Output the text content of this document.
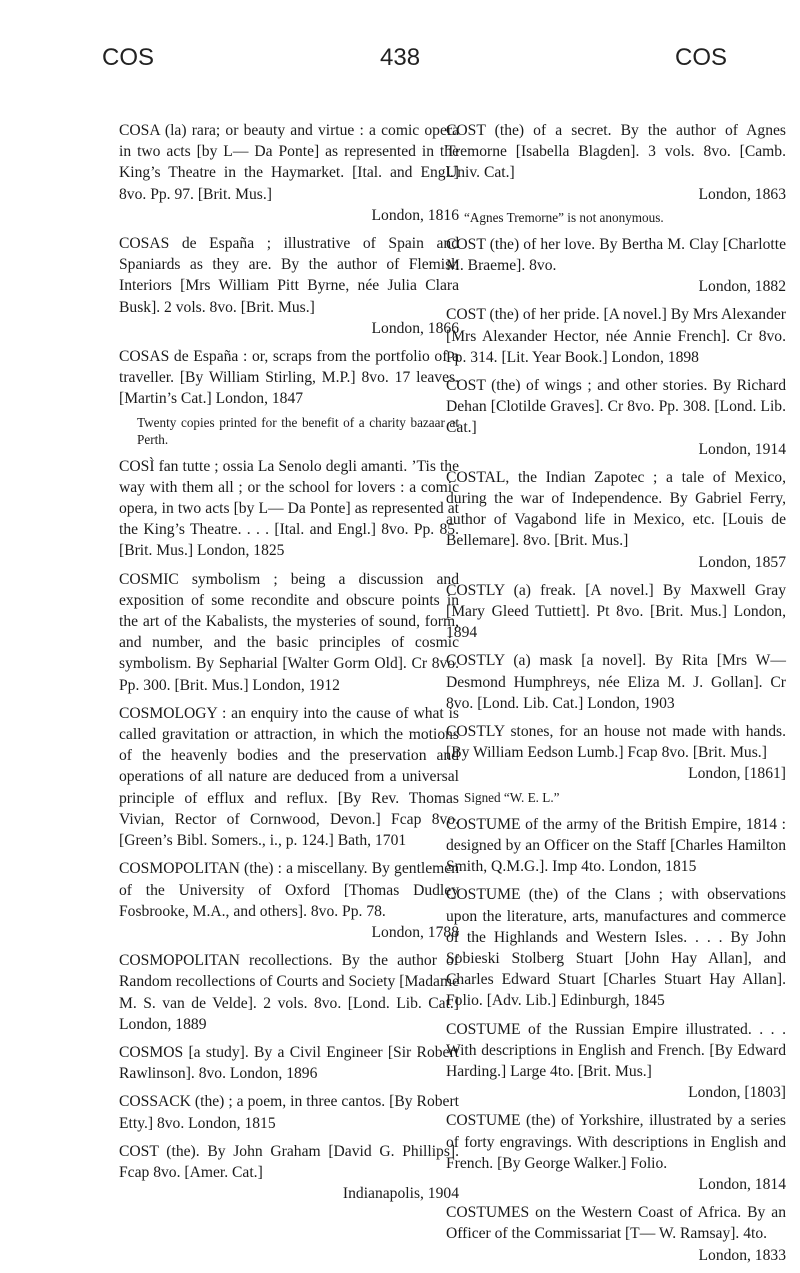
COS	438	COS
COSA (la) rara; or beauty and virtue : a comic opera in two acts [by L— Da Ponte] as represented in the King’s Theatre in the Haymarket. [Ital. and Engl.] 8vo. Pp. 97. [Brit. Mus.]
London, 1816
COSAS de España ; illustrative of Spain and Spaniards as they are. By the author of Flemish Interiors [Mrs William Pitt Byrne, née Julia Clara Busk]. 2 vols. 8vo. [Brit. Mus.]
London, 1866
COSAS de España : or, scraps from the portfolio of a traveller. [By William Stirling, M.P.] 8vo. 17 leaves. [Martin’s Cat.] London, 1847
Twenty copies printed for the benefit of a charity bazaar at Perth.
COSÌ fan tutte ; ossia La Senolo degli amanti. ’Tis the way with them all ; or the school for lovers : a comic opera, in two acts [by L— Da Ponte] as represented at the King’s Theatre. . . . [Ital. and Engl.] 8vo. Pp. 85. [Brit. Mus.] London, 1825
COSMIC symbolism ; being a discussion and exposition of some recondite and obscure points in the art of the Kabalists, the mysteries of sound, form, and number, and the basic principles of cosmic symbolism. By Sepharial [Walter Gorm Old]. Cr 8vo. Pp. 300. [Brit. Mus.] London, 1912
COSMOLOGY : an enquiry into the cause of what is called gravitation or attraction, in which the motions of the heavenly bodies and the preservation and operations of all nature are deduced from a universal principle of efflux and reflux. [By Rev. Thomas Vivian, Rector of Cornwood, Devon.] Fcap 8vo. [Green’s Bibl. Somers., i., p. 124.] Bath, 1701
COSMOPOLITAN (the) : a miscellany. By gentlemen of the University of Oxford [Thomas Dudley Fosbrooke, M.A., and others]. 8vo. Pp. 78.
London, 1788
COSMOPOLITAN recollections. By the author of Random recollections of Courts and Society [Madame M. S. van de Velde]. 2 vols. 8vo. [Lond. Lib. Cat.] London, 1889
COSMOS [a study]. By a Civil Engineer [Sir Robert Rawlinson]. 8vo. London, 1896
COSSACK (the) ; a poem, in three cantos. [By Robert Etty.] 8vo. London, 1815
COST (the). By John Graham [David G. Phillips]. Fcap 8vo. [Amer. Cat.]
Indianapolis, 1904
COST (the) of a secret. By the author of Agnes Tremorne [Isabella Blagden]. 3 vols. 8vo. [Camb. Univ. Cat.]
London, 1863
“Agnes Tremorne” is not anonymous.
COST (the) of her love. By Bertha M. Clay [Charlotte M. Braeme]. 8vo.
London, 1882
COST (the) of her pride. [A novel.] By Mrs Alexander [Mrs Alexander Hector, née Annie French]. Cr 8vo. Pp. 314. [Lit. Year Book.] London, 1898
COST (the) of wings ; and other stories. By Richard Dehan [Clotilde Graves]. Cr 8vo. Pp. 308. [Lond. Lib. Cat.]
London, 1914
COSTAL, the Indian Zapotec ; a tale of Mexico, during the war of Independence. By Gabriel Ferry, author of Vagabond life in Mexico, etc. [Louis de Bellemare]. 8vo. [Brit. Mus.]
London, 1857
COSTLY (a) freak. [A novel.] By Maxwell Gray [Mary Gleed Tuttiett]. Pt 8vo. [Brit. Mus.] London, 1894
COSTLY (a) mask [a novel]. By Rita [Mrs W— Desmond Humphreys, née Eliza M. J. Gollan]. Cr 8vo. [Lond. Lib. Cat.] London, 1903
COSTLY stones, for an house not made with hands. [By William Eedson Lumb.] Fcap 8vo. [Brit. Mus.]
London, [1861]
Signed “W. E. L.”
COSTUME of the army of the British Empire, 1814 : designed by an Officer on the Staff [Charles Hamilton Smith, Q.M.G.]. Imp 4to. London, 1815
COSTUME (the) of the Clans ; with observations upon the literature, arts, manufactures and commerce of the Highlands and Western Isles. . . . By John Sobieski Stolberg Stuart [John Hay Allan], and Charles Edward Stuart [Charles Stuart Hay Allan]. Folio. [Adv. Lib.] Edinburgh, 1845
COSTUME of the Russian Empire illustrated. . . . With descriptions in English and French. [By Edward Harding.] Large 4to. [Brit. Mus.]
London, [1803]
COSTUME (the) of Yorkshire, illustrated by a series of forty engravings. With descriptions in English and French. [By George Walker.] Folio.
London, 1814
COSTUMES on the Western Coast of Africa. By an Officer of the Commissariat [T— W. Ramsay]. 4to.
London, 1833
